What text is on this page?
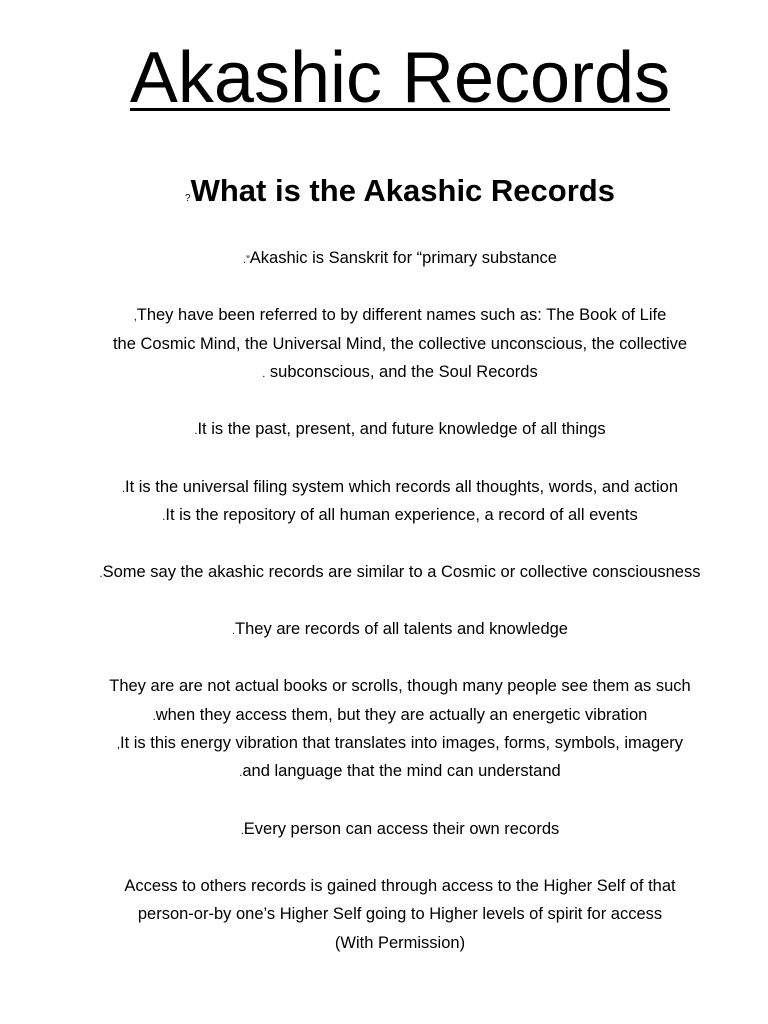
Akashic Records
?What is the Akashic Records
.”Akashic is Sanskrit for “primary substance
,They have been referred to by different names such as: The Book of Life
the Cosmic Mind, the Universal Mind, the collective unconscious, the collective
. subconscious, and the Soul Records
.It is the past, present, and future knowledge of all things
.It is the universal filing system which records all thoughts, words, and action
.It is the repository of all human experience, a record of all events
.Some say the akashic records are similar to a Cosmic or collective consciousness
.They are records of all talents and knowledge
They are are not actual books or scrolls, though many people see them as such
.when they access them, but they are actually an energetic vibration
,It is this energy vibration that translates into images, forms, symbols, imagery
.and language that the mind can understand
.Every person can access their own records
Access to others records is gained through access to the Higher Self of that
person-or-by one’s Higher Self going to Higher levels of spirit for access
(With Permission)
